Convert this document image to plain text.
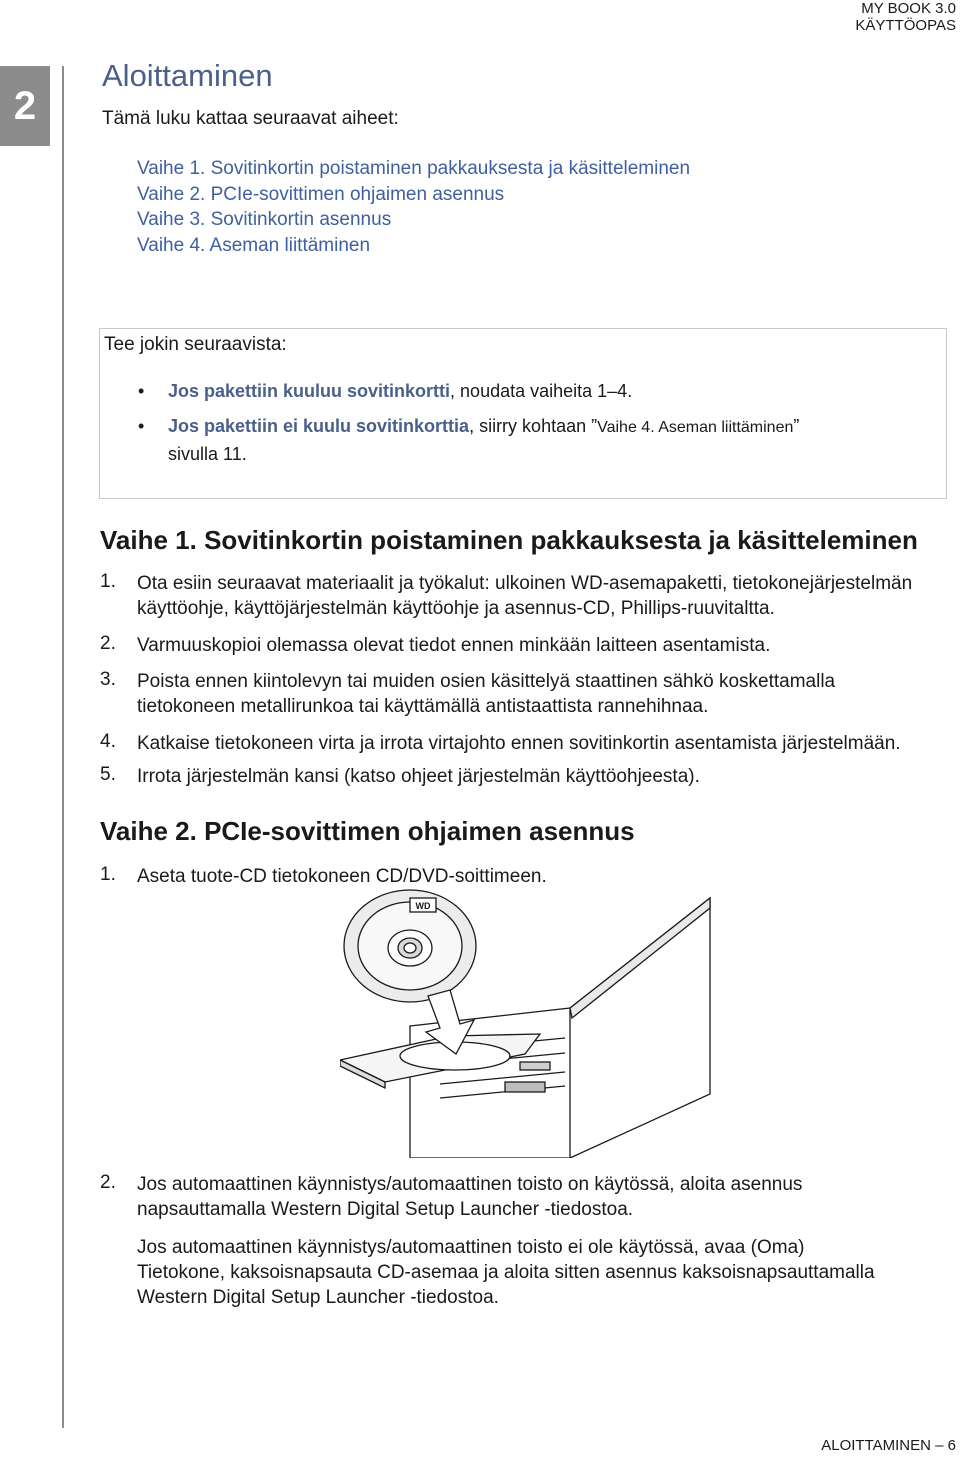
MY BOOK 3.0
KÄYTTÖOPAS
2
Aloittaminen
Tämä luku kattaa seuraavat aiheet:
Vaihe 1. Sovitinkortin poistaminen pakkauksesta ja käsitteleminen
Vaihe 2. PCIe-sovittimen ohjaimen asennus
Vaihe 3. Sovitinkortin asennus
Vaihe 4. Aseman liittäminen
Tee jokin seuraavista:
• Jos pakettiin kuuluu sovitinkortti, noudata vaiheita 1–4.
• Jos pakettiin ei kuulu sovitinkorttia, siirry kohtaan ”Vaihe 4. Aseman liittäminen”
sivulla 11.
Vaihe 1. Sovitinkortin poistaminen pakkauksesta ja käsitteleminen
1. Ota esiin seuraavat materiaalit ja työkalut: ulkoinen WD-asemapaketti, tietokonejärjestelmän
käyttöohje, käyttöjärjestelmän käyttöohje ja asennus-CD, Phillips-ruuvitaltta.
2. Varmuuskopioi olemassa olevat tiedot ennen minkään laitteen asentamista.
3. Poista ennen kiintolevyn tai muiden osien käsittelyä staattinen sähkö koskettamalla
tietokoneen metallirunkoa tai käyttämällä antistaattista rannehihnaa.
4. Katkaise tietokoneen virta ja irrota virtajohto ennen sovitinkortin asentamista järjestelmään.
5. Irrota järjestelmän kansi (katso ohjeet järjestelmän käyttöohjeesta).
Vaihe 2. PCIe-sovittimen ohjaimen asennus
1. Aseta tuote-CD tietokoneen CD/DVD-soittimeen.
WD
2. Jos automaattinen käynnistys/automaattinen toisto on käytössä, aloita asennus
napsauttamalla Western Digital Setup Launcher -tiedostoa.
Jos automaattinen käynnistys/automaattinen toisto ei ole käytössä, avaa (Oma)
Tietokone, kaksoisnapsauta CD-asemaa ja aloita sitten asennus kaksoisnapsauttamalla
Western Digital Setup Launcher -tiedostoa.
ALOITTAMINEN – 6
